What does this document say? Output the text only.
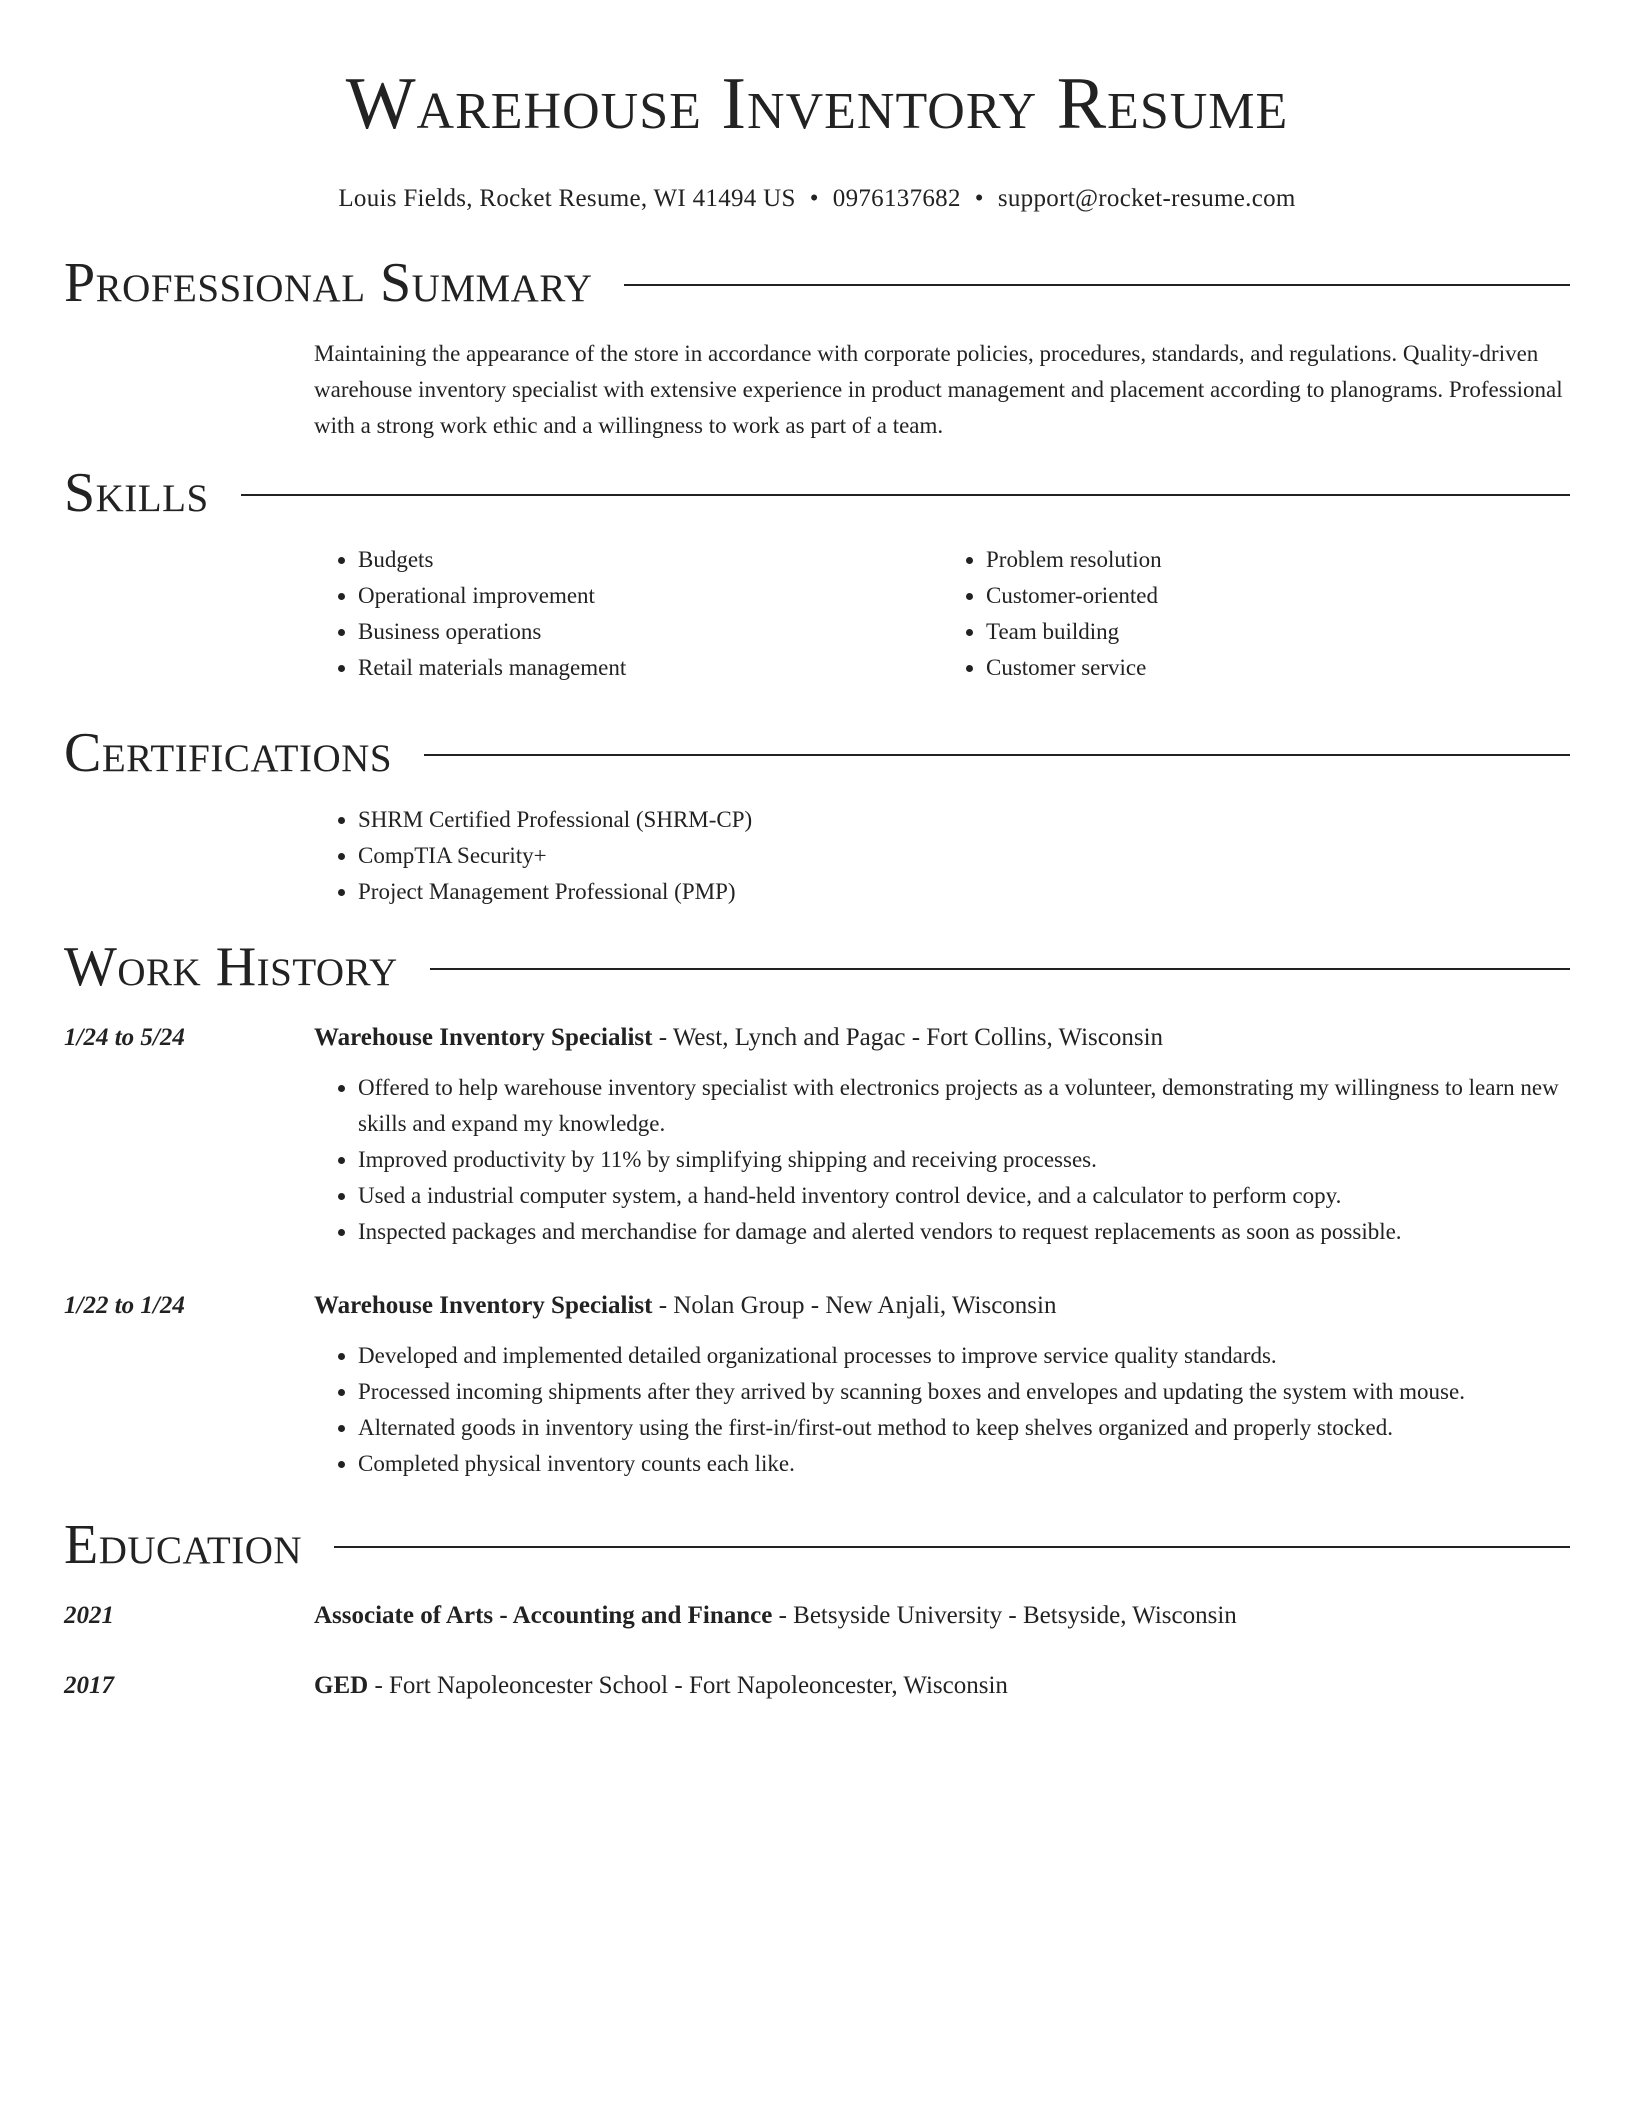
Warehouse Inventory Resume
Louis Fields, Rocket Resume, WI 41494 US • 0976137682 • support@rocket-resume.com
Professional Summary
Maintaining the appearance of the store in accordance with corporate policies, procedures, standards, and regulations. Quality-driven warehouse inventory specialist with extensive experience in product management and placement according to planograms. Professional with a strong work ethic and a willingness to work as part of a team.
Skills
• Budgets
• Operational improvement
• Business operations
• Retail materials management
• Problem resolution
• Customer-oriented
• Team building
• Customer service
Certifications
• SHRM Certified Professional (SHRM-CP)
• CompTIA Security+
• Project Management Professional (PMP)
Work History
1/24 to 5/24	Warehouse Inventory Specialist - West, Lynch and Pagac - Fort Collins, Wisconsin
• Offered to help warehouse inventory specialist with electronics projects as a volunteer, demonstrating my willingness to learn new skills and expand my knowledge.
• Improved productivity by 11% by simplifying shipping and receiving processes.
• Used a industrial computer system, a hand-held inventory control device, and a calculator to perform copy.
• Inspected packages and merchandise for damage and alerted vendors to request replacements as soon as possible.
1/22 to 1/24	Warehouse Inventory Specialist - Nolan Group - New Anjali, Wisconsin
• Developed and implemented detailed organizational processes to improve service quality standards.
• Processed incoming shipments after they arrived by scanning boxes and envelopes and updating the system with mouse.
• Alternated goods in inventory using the first-in/first-out method to keep shelves organized and properly stocked.
• Completed physical inventory counts each like.
Education
2021	Associate of Arts - Accounting and Finance - Betsyside University - Betsyside, Wisconsin
2017	GED - Fort Napoleoncester School - Fort Napoleoncester, Wisconsin
